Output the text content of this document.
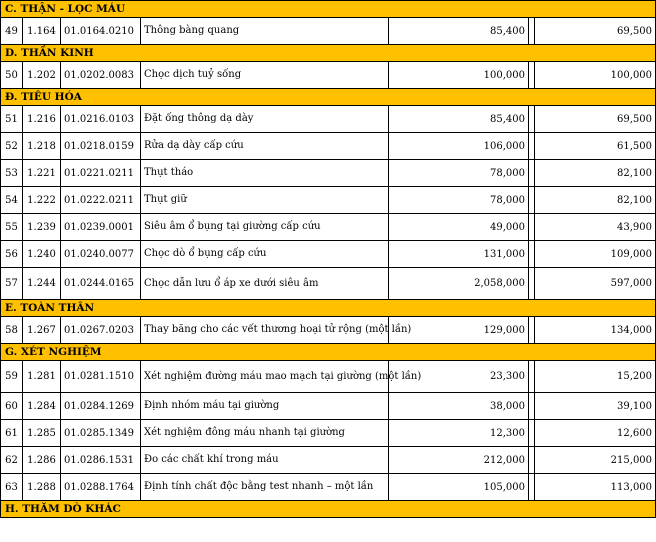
C. THẬN - LỌC MÁU						
49	1.164	01.0164.0210	Thông bàng quang	85,400		69,500
D. THẦN KINH						
50	1.202	01.0202.0083	Chọc dịch tuỷ sống	100,000		100,000
Đ. TIÊU HÓA						
51	1.216	01.0216.0103	Đặt ống thông dạ dày	85,400		69,500
52	1.218	01.0218.0159	Rửa dạ dày cấp cứu	106,000		61,500
53	1.221	01.0221.0211	Thụt tháo	78,000		82,100
54	1.222	01.0222.0211	Thụt giữ	78,000		82,100
55	1.239	01.0239.0001	Siêu âm ổ bụng tại giường cấp cứu	49,000		43,900
56	1.240	01.0240.0077	Chọc dò ổ bụng cấp cứu	131,000		109,000
57	1.244	01.0244.0165	Chọc dẫn lưu ổ áp xe dưới siêu âm	2,058,000		597,000
E. TOÀN THÂN						
58	1.267	01.0267.0203	Thay băng cho các vết thương hoại tử rộng (một lần)	129,000		134,000
G. XÉT NGHIỆM						
59	1.281	01.0281.1510	Xét nghiệm đường máu mao mạch tại giường (một lần)	23,300		15,200
60	1.284	01.0284.1269	Định nhóm máu tại giường	38,000		39,100
61	1.285	01.0285.1349	Xét nghiệm đông máu nhanh tại giường	12,300		12,600
62	1.286	01.0286.1531	Đo các chất khí trong máu	212,000		215,000
63	1.288	01.0288.1764	Định tính chất độc bằng test nhanh – một lần	105,000		113,000
H. THĂM DÒ KHÁC						
